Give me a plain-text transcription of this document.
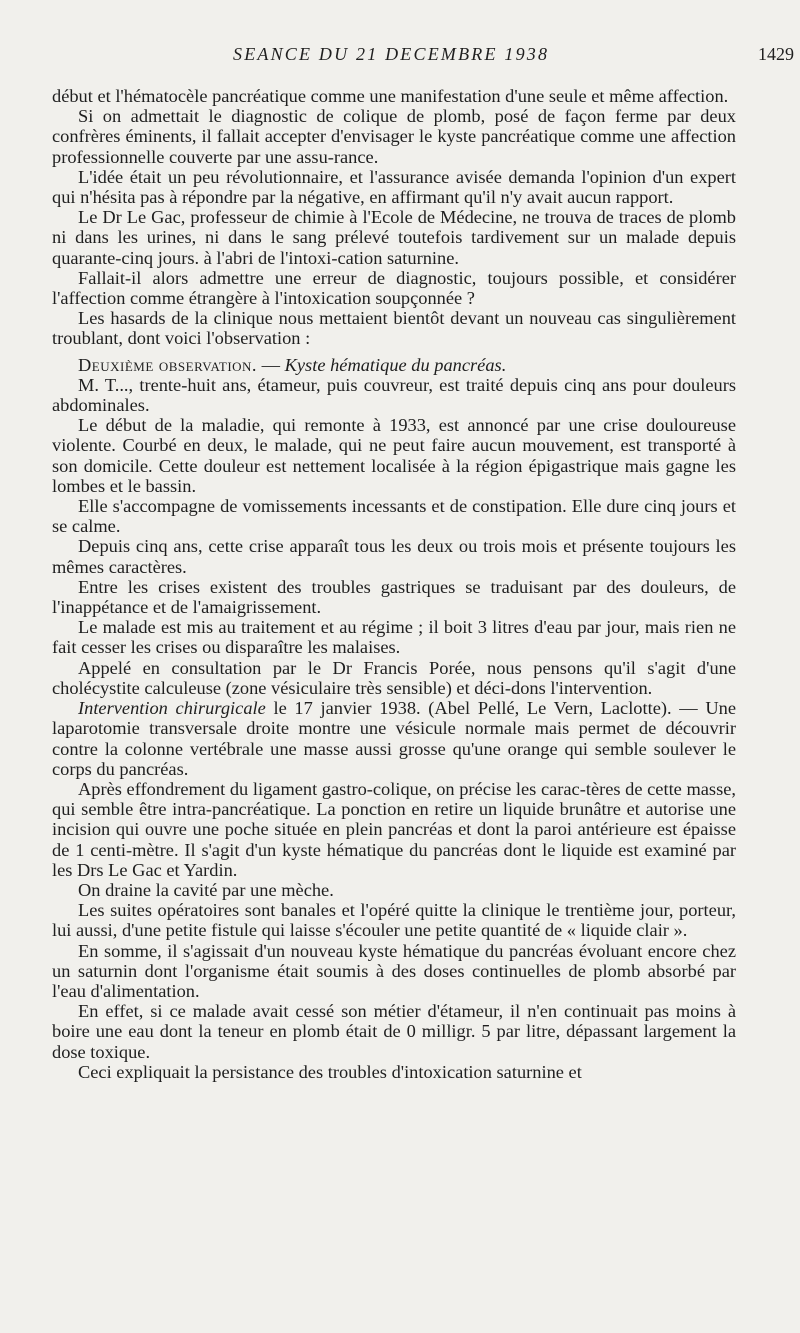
SEANCE DU 21 DECEMBRE 1938	1429

début et l'hématocèle pancréatique comme une manifestation d'une seule et même affection.

Si on admettait le diagnostic de colique de plomb, posé de façon ferme par deux confrères éminents, il fallait accepter d'envisager le kyste pancréatique comme une affection professionnelle couverte par une assu-rance.

L'idée était un peu révolutionnaire, et l'assurance avisée demanda l'opinion d'un expert qui n'hésita pas à répondre par la négative, en affirmant qu'il n'y avait aucun rapport.

Le Dr Le Gac, professeur de chimie à l'Ecole de Médecine, ne trouva de traces de plomb ni dans les urines, ni dans le sang prélevé toutefois tardivement sur un malade depuis quarante-cinq jours. à l'abri de l'intoxi-cation saturnine.

Fallait-il alors admettre une erreur de diagnostic, toujours possible, et considérer l'affection comme étrangère à l'intoxication soupçonnée ?

Les hasards de la clinique nous mettaient bientôt devant un nouveau cas singulièrement troublant, dont voici l'observation :

Deuxième observation. — Kyste hématique du pancréas.

M. T..., trente-huit ans, étameur, puis couvreur, est traité depuis cinq ans pour douleurs abdominales.

Le début de la maladie, qui remonte à 1933, est annoncé par une crise douloureuse violente. Courbé en deux, le malade, qui ne peut faire aucun mouvement, est transporté à son domicile. Cette douleur est nettement localisée à la région épigastrique mais gagne les lombes et le bassin.

Elle s'accompagne de vomissements incessants et de constipation. Elle dure cinq jours et se calme.

Depuis cinq ans, cette crise apparaît tous les deux ou trois mois et présente toujours les mêmes caractères.

Entre les crises existent des troubles gastriques se traduisant par des douleurs, de l'inappétance et de l'amaigrissement.

Le malade est mis au traitement et au régime ; il boit 3 litres d'eau par jour, mais rien ne fait cesser les crises ou disparaître les malaises.

Appelé en consultation par le Dr Francis Porée, nous pensons qu'il s'agit d'une cholécystite calculeuse (zone vésiculaire très sensible) et déci-dons l'intervention.

Intervention chirurgicale le 17 janvier 1938. (Abel Pellé, Le Vern, Laclotte). — Une laparotomie transversale droite montre une vésicule normale mais permet de découvrir contre la colonne vertébrale une masse aussi grosse qu'une orange qui semble soulever le corps du pancréas.

Après effondrement du ligament gastro-colique, on précise les carac-tères de cette masse, qui semble être intra-pancréatique. La ponction en retire un liquide brunâtre et autorise une incision qui ouvre une poche située en plein pancréas et dont la paroi antérieure est épaisse de 1 centi-mètre. Il s'agit d'un kyste hématique du pancréas dont le liquide est examiné par les Drs Le Gac et Yardin.

On draine la cavité par une mèche.

Les suites opératoires sont banales et l'opéré quitte la clinique le trentième jour, porteur, lui aussi, d'une petite fistule qui laisse s'écouler une petite quantité de « liquide clair ».

En somme, il s'agissait d'un nouveau kyste hématique du pancréas évoluant encore chez un saturnin dont l'organisme était soumis à des doses continuelles de plomb absorbé par l'eau d'alimentation.

En effet, si ce malade avait cessé son métier d'étameur, il n'en continuait pas moins à boire une eau dont la teneur en plomb était de 0 milligr. 5 par litre, dépassant largement la dose toxique.

Ceci expliquait la persistance des troubles d'intoxication saturnine et
